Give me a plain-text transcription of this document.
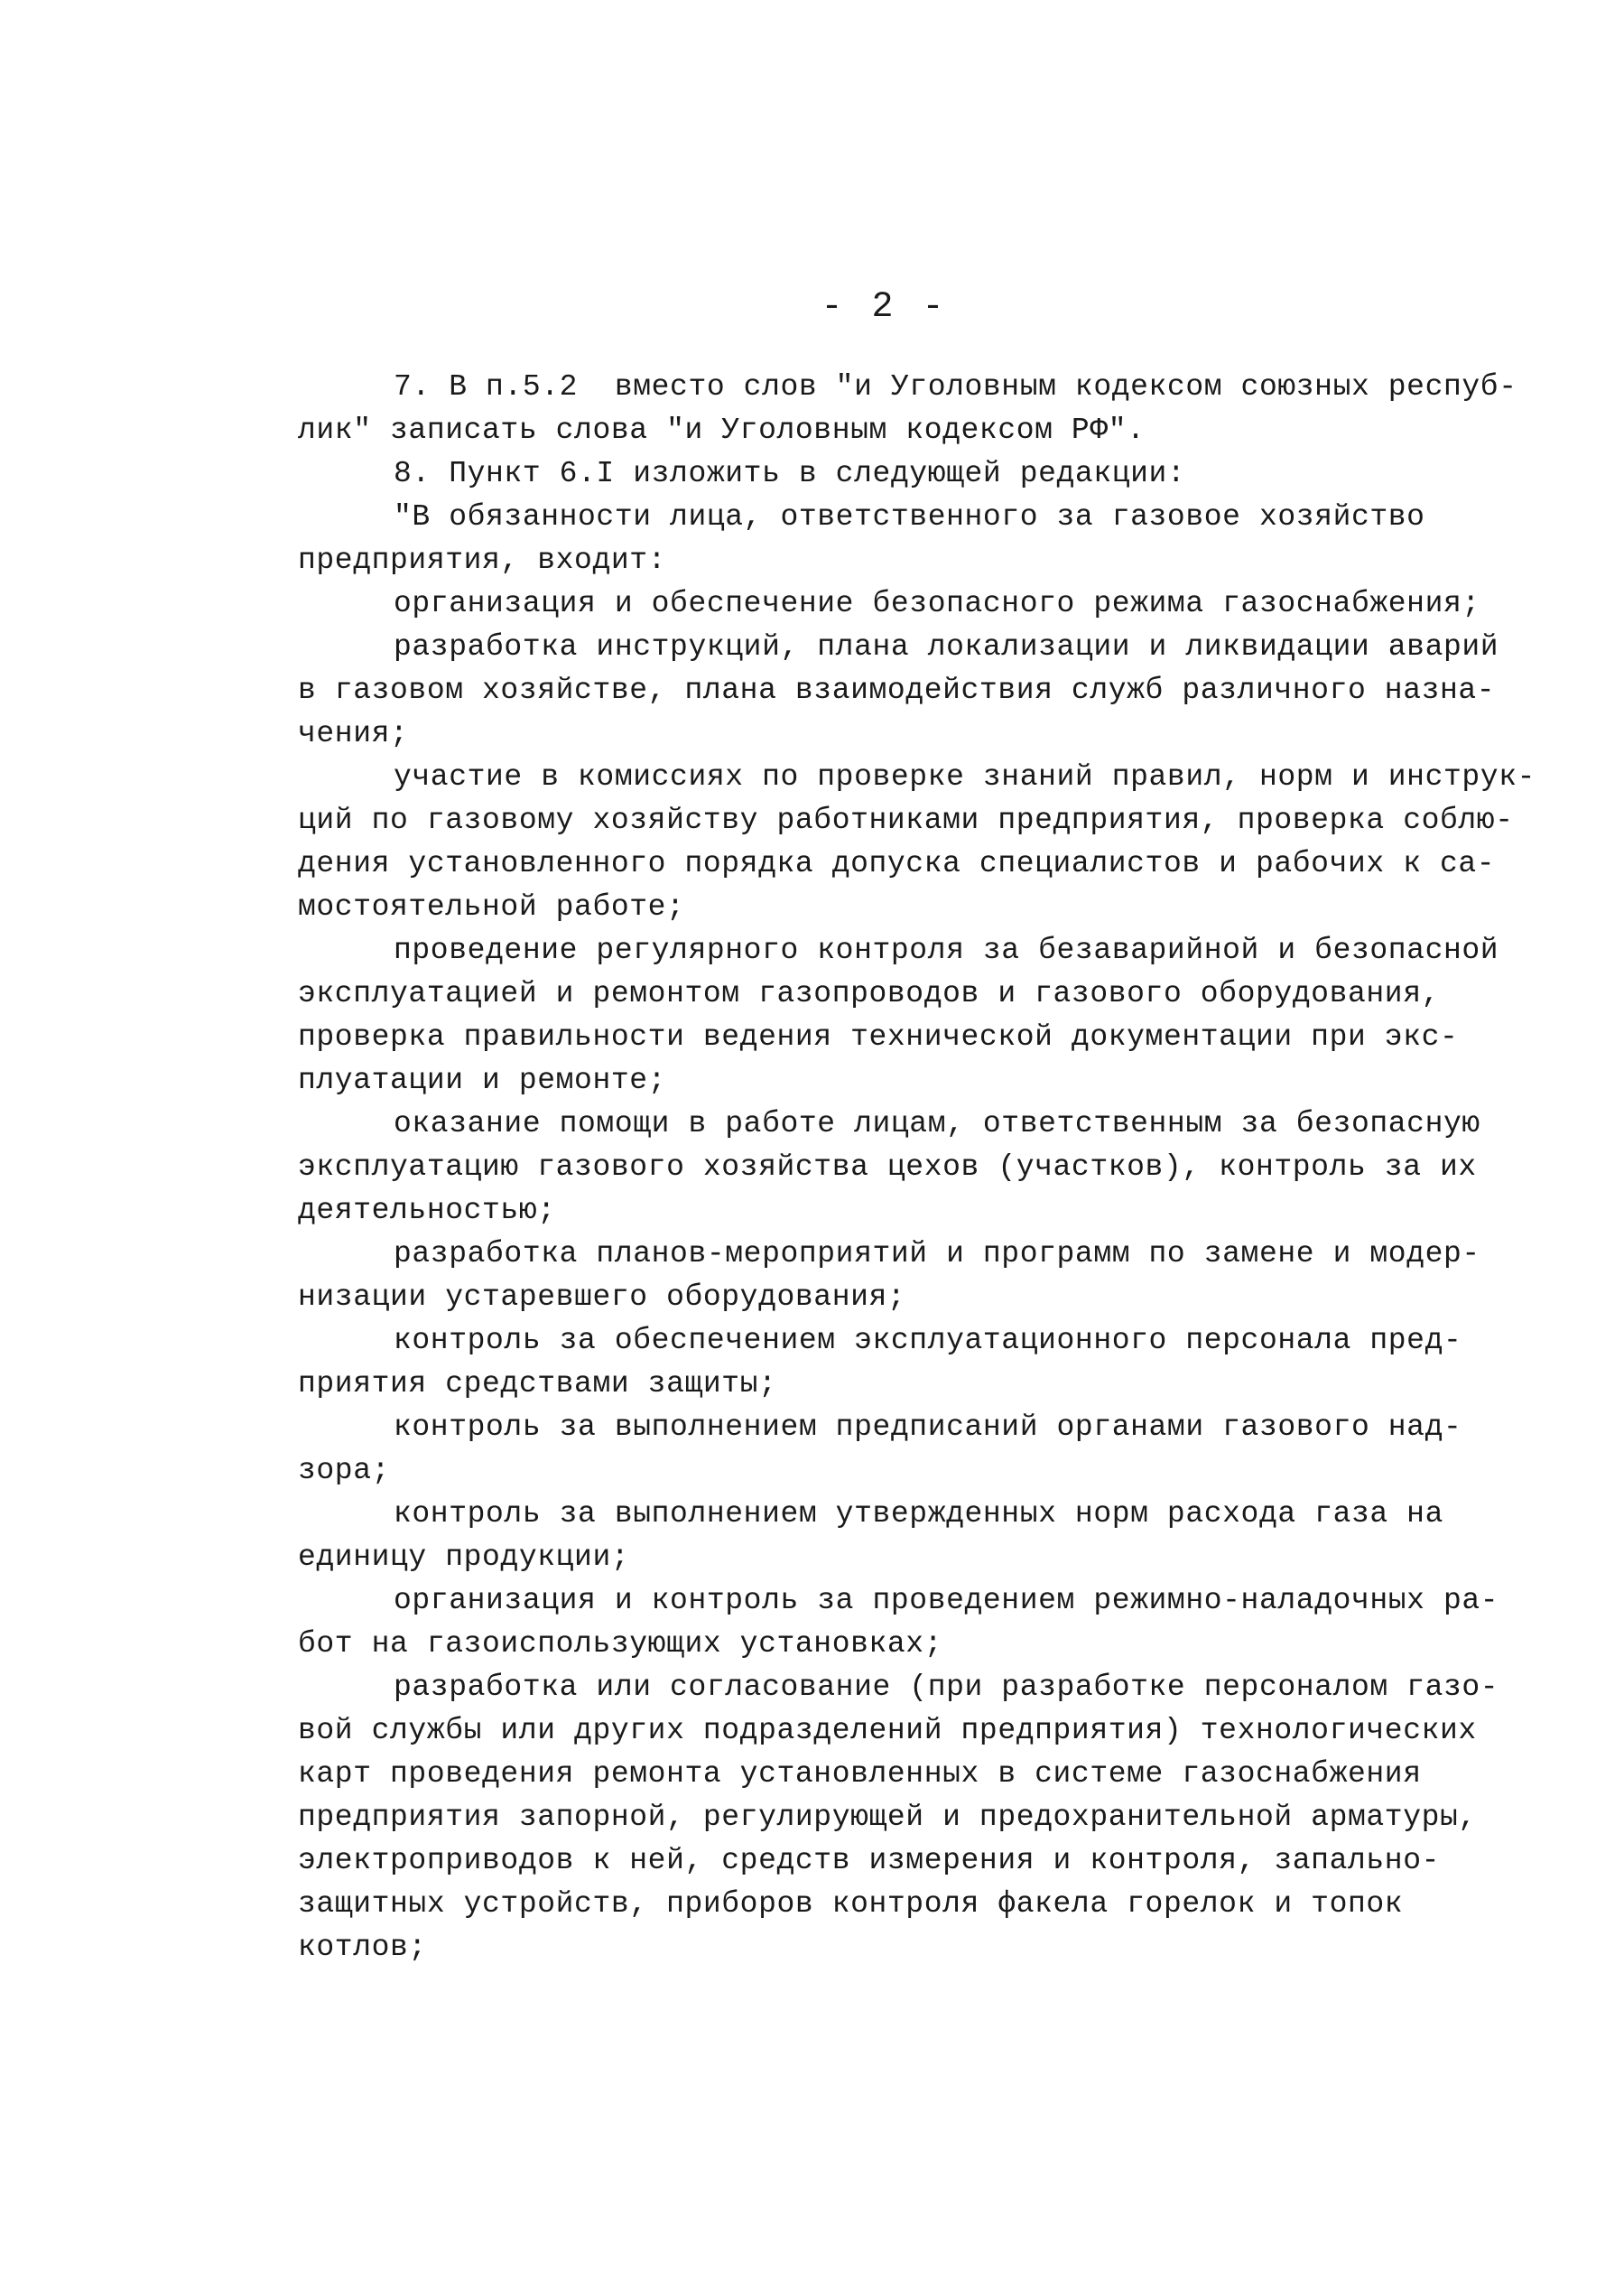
- 2 -
7. В п.5.2  вместо слов "и Уголовным кодексом союзных респуб-
лик" записать слова "и Уголовным кодексом РФ".
8. Пункт 6.I изложить в следующей редакции:
"В обязанности лица, ответственного за газовое хозяйство
предприятия, входит:
организация и обеспечение безопасного режима газоснабжения;
разработка инструкций, плана локализации и ликвидации аварий
в газовом хозяйстве, плана взаимодействия служб различного назна-
чения;
участие в комиссиях по проверке знаний правил, норм и инструк-
ций по газовому хозяйству работниками предприятия, проверка соблю-
дения установленного порядка допуска специалистов и рабочих к са-
мостоятельной работе;
проведение регулярного контроля за безаварийной и безопасной
эксплуатацией и ремонтом газопроводов и газового оборудования,
проверка правильности ведения технической документации при экс-
плуатации и ремонте;
оказание помощи в работе лицам, ответственным за безопасную
эксплуатацию газового хозяйства цехов (участков), контроль за их
деятельностью;
разработка планов-мероприятий и программ по замене и модер-
низации устаревшего оборудования;
контроль за обеспечением эксплуатационного персонала пред-
приятия средствами защиты;
контроль за выполнением предписаний органами газового над-
зора;
контроль за выполнением утвержденных норм расхода газа на
единицу продукции;
организация и контроль за проведением режимно-наладочных ра-
бот на газоиспользующих установках;
разработка или согласование (при разработке персоналом газо-
вой службы или других подразделений предприятия) технологических
карт проведения ремонта установленных в системе газоснабжения
предприятия запорной, регулирующей и предохранительной арматуры,
электроприводов к ней, средств измерения и контроля, запально-
защитных устройств, приборов контроля факела горелок и топок
котлов;
